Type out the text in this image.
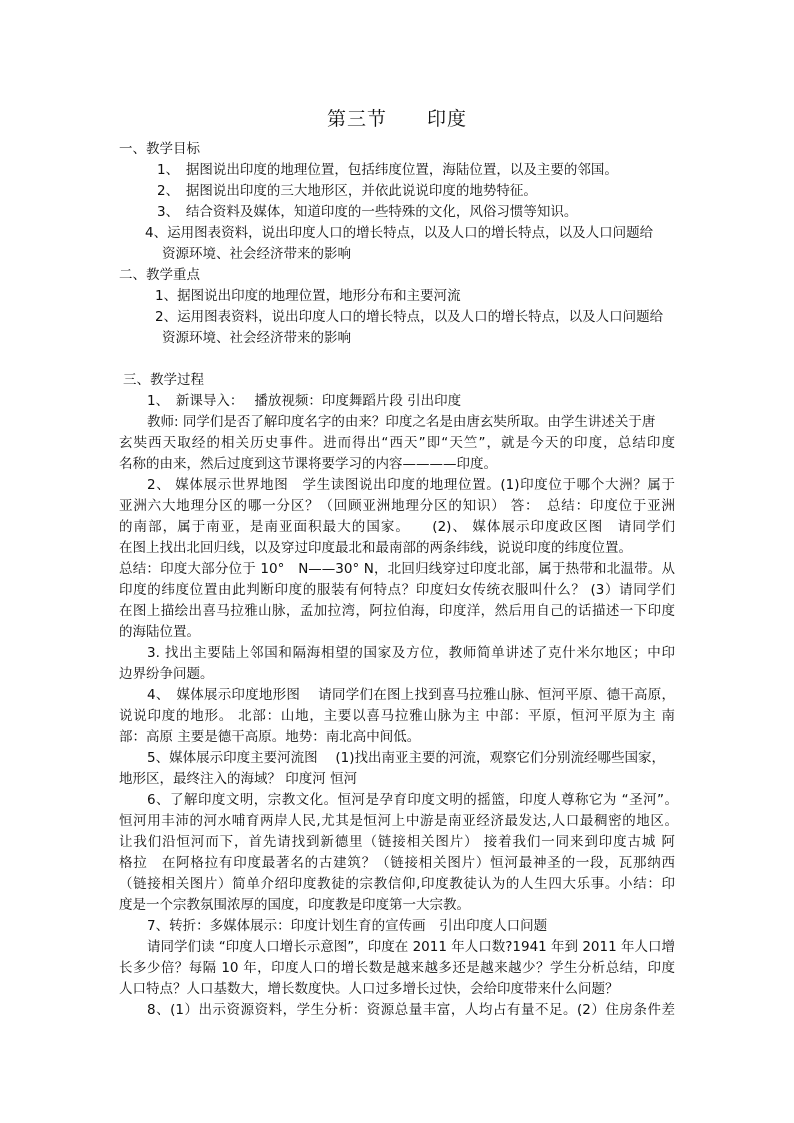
第三节　　印度
一、教学目标
1、　据图说出印度的地理位置，包括纬度位置，海陆位置，以及主要的邻国。
2、　据图说出印度的三大地形区，并依此说说印度的地势特征。
3、　结合资料及媒体，知道印度的一些特殊的文化，风俗习惯等知识。
4、运用图表资料，说出印度人口的增长特点，以及人口的增长特点，以及人口问题给
资源环境、社会经济带来的影响
二、教学重点
1、据图说出印度的地理位置，地形分布和主要河流
2、运用图表资料，说出印度人口的增长特点，以及人口的增长特点，以及人口问题给
资源环境、社会经济带来的影响
三、教学过程
1、　新课导入：　 播放视频：印度舞蹈片段 引出印度
教师: 同学们是否了解印度名字的由来？印度之名是由唐玄奘所取。由学生讲述关于唐
玄奘西天取经的相关历史事件。进而得出“西天”即“天竺”，就是今天的印度，总结印度
名称的由来，然后过度到这节课将要学习的内容————印度。
2、 媒体展示世界地图　学生读图说出印度的地理位置。(1)印度位于哪个大洲？属于
亚洲六大地理分区的哪一分区？（回顾亚洲地理分区的知识） 答：　总结：印度位于亚洲
的南部，属于南亚，是南亚面积最大的国家。　　(2)、 媒体展示印度政区图　请同学们
在图上找出北回归线，以及穿过印度最北和最南部的两条纬线，说说印度的纬度位置。
总结：印度大部分位于 10°　N——30° N，北回归线穿过印度北部，属于热带和北温带。从
印度的纬度位置由此判断印度的服装有何特点？印度妇女传统衣服叫什么？ (3）请同学们
在图上描绘出喜马拉雅山脉，孟加拉湾，阿拉伯海，印度洋，然后用自己的话描述一下印度
的海陆位置。
3. 找出主要陆上邻国和隔海相望的国家及方位，教师简单讲述了克什米尔地区；中印
边界纷争问题。
4、　媒体展示印度地形图　 请同学们在图上找到喜马拉雅山脉、恒河平原、德干高原，
说说印度的地形。 北部：山地，主要以喜马拉雅山脉为主 中部：平原，恒河平原为主 南
部：高原 主要是德干高原。地势：南北高中间低。
5、媒体展示印度主要河流图　 (1)找出南亚主要的河流，观察它们分别流经哪些国家，
地形区，最终注入的海域？ 印度河 恒河
6、了解印度文明，宗教文化。恒河是孕育印度文明的摇篮，印度人尊称它为 “圣河”。
恒河用丰沛的河水哺育两岸人民,尤其是恒河上中游是南亚经济最发达,人口最稠密的地区。
让我们沿恒河而下，首先请找到新德里（链接相关图片） 接着我们一同来到印度古城 阿
格拉　在阿格拉有印度最著名的古建筑？（链接相关图片）恒河最神圣的一段，瓦那纳西
（链接相关图片）简单介绍印度教徒的宗教信仰,印度教徒认为的人生四大乐事。小结：印
度是一个宗教氛围浓厚的国度，印度教是印度第一大宗教。
7、转折：多媒体展示：印度计划生育的宣传画　引出印度人口问题
请同学们读 “印度人口增长示意图”，印度在 2011 年人口数?1941 年到 2011 年人口增
长多少倍？每隔 10 年，印度人口的增长数是越来越多还是越来越少？学生分析总结，印度
人口特点？人口基数大，增长数度快。人口过多增长过快，会给印度带来什么问题？
8、(1）出示资源资料，学生分析：资源总量丰富，人均占有量不足。(2）住房条件差
